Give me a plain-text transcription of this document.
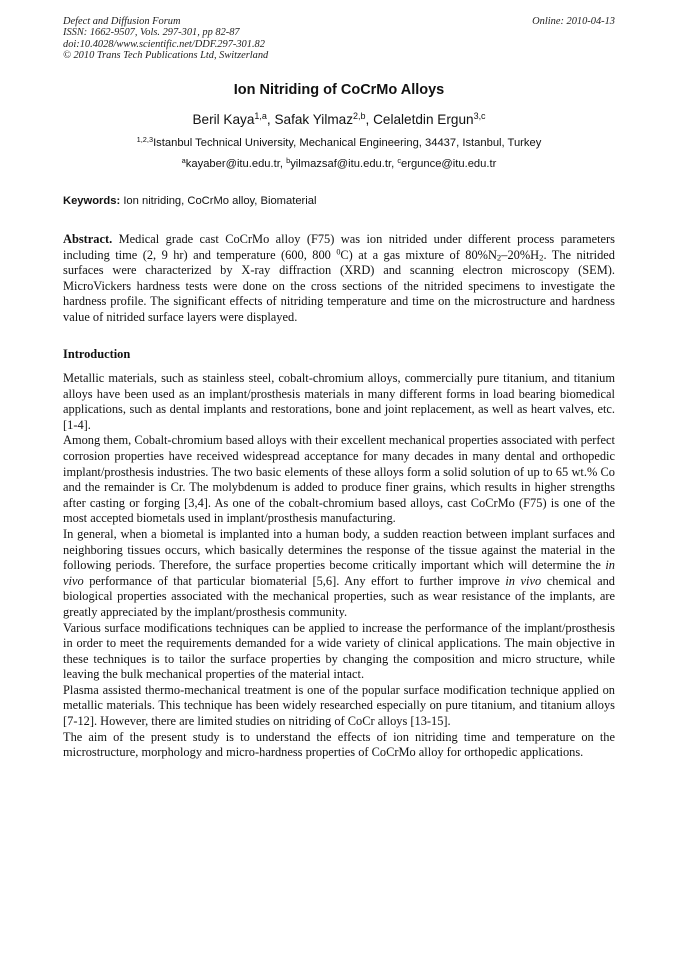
Defect and Diffusion Forum	Online: 2010-04-13
ISSN: 1662-9507, Vols. 297-301, pp 82-87
doi:10.4028/www.scientific.net/DDF.297-301.82
© 2010 Trans Tech Publications Ltd, Switzerland
Ion Nitriding of CoCrMo Alloys
Beril Kaya$^{1,a}$, Safak Yilmaz$^{2,b}$, Celaletdin Ergun$^{3,c}$
$^{1,2,3}$Istanbul Technical University, Mechanical Engineering, 34437, Istanbul, Turkey
$^a$kayaber@itu.edu.tr, $^b$yilmazsaf@itu.edu.tr, $^c$ergunce@itu.edu.tr
Keywords: Ion nitriding, CoCrMo alloy, Biomaterial
Abstract. Medical grade cast CoCrMo alloy (F75) was ion nitrided under different process parameters including time (2, 9 hr) and temperature (600, 800 $^0$C) at a gas mixture of $80\%N_2-20\%H_2$. The nitrided surfaces were characterized by X-ray diffraction (XRD) and scanning electron microscopy (SEM). MicroVickers hardness tests were done on the cross sections of the nitrided specimens to investigate the hardness profile. The significant effects of nitriding temperature and time on the microstructure and hardness value of nitrided surface layers were displayed.
Introduction

Metallic materials, such as stainless steel, cobalt-chromium alloys, commercially pure titanium, and titanium alloys have been used as an implant/prosthesis materials in many different forms in load bearing biomedical applications, such as dental implants and restorations, bone and joint replacement, as well as heart valves, etc. [1-4].

Among them, Cobalt-chromium based alloys with their excellent mechanical properties associated with perfect corrosion properties have received widespread acceptance for many decades in many dental and orthopedic implant/prosthesis industries. The two basic elements of these alloys form a solid solution of up to 65 wt.% Co and the remainder is Cr. The molybdenum is added to produce finer grains, which results in higher strengths after casting or forging [3,4]. As one of the cobalt-chromium based alloys, cast CoCrMo (F75) is one of the most accepted biometals used in implant/prosthesis manufacturing.

In general, when a biometal is implanted into a human body, a sudden reaction between implant surfaces and neighboring tissues occurs, which basically determines the response of the tissue against the material in the following periods. Therefore, the surface properties become critically important which will determine the in vivo performance of that particular biomaterial [5,6]. Any effort to further improve in vivo chemical and biological properties associated with the mechanical properties, such as wear resistance of the implants, are greatly appreciated by the implant/prosthesis community.

Various surface modifications techniques can be applied to increase the performance of the implant/prosthesis in order to meet the requirements demanded for a wide variety of clinical applications. The main objective in these techniques is to tailor the surface properties by changing the composition and micro structure, while leaving the bulk mechanical properties of the material intact.

Plasma assisted thermo-mechanical treatment is one of the popular surface modification technique applied on metallic materials. This technique has been widely researched especially on pure titanium, and titanium alloys [7-12]. However, there are limited studies on nitriding of CoCr alloys [13-15].

The aim of the present study is to understand the effects of ion nitriding time and temperature on the microstructure, morphology and micro-hardness properties of CoCrMo alloy for orthopedic applications.
